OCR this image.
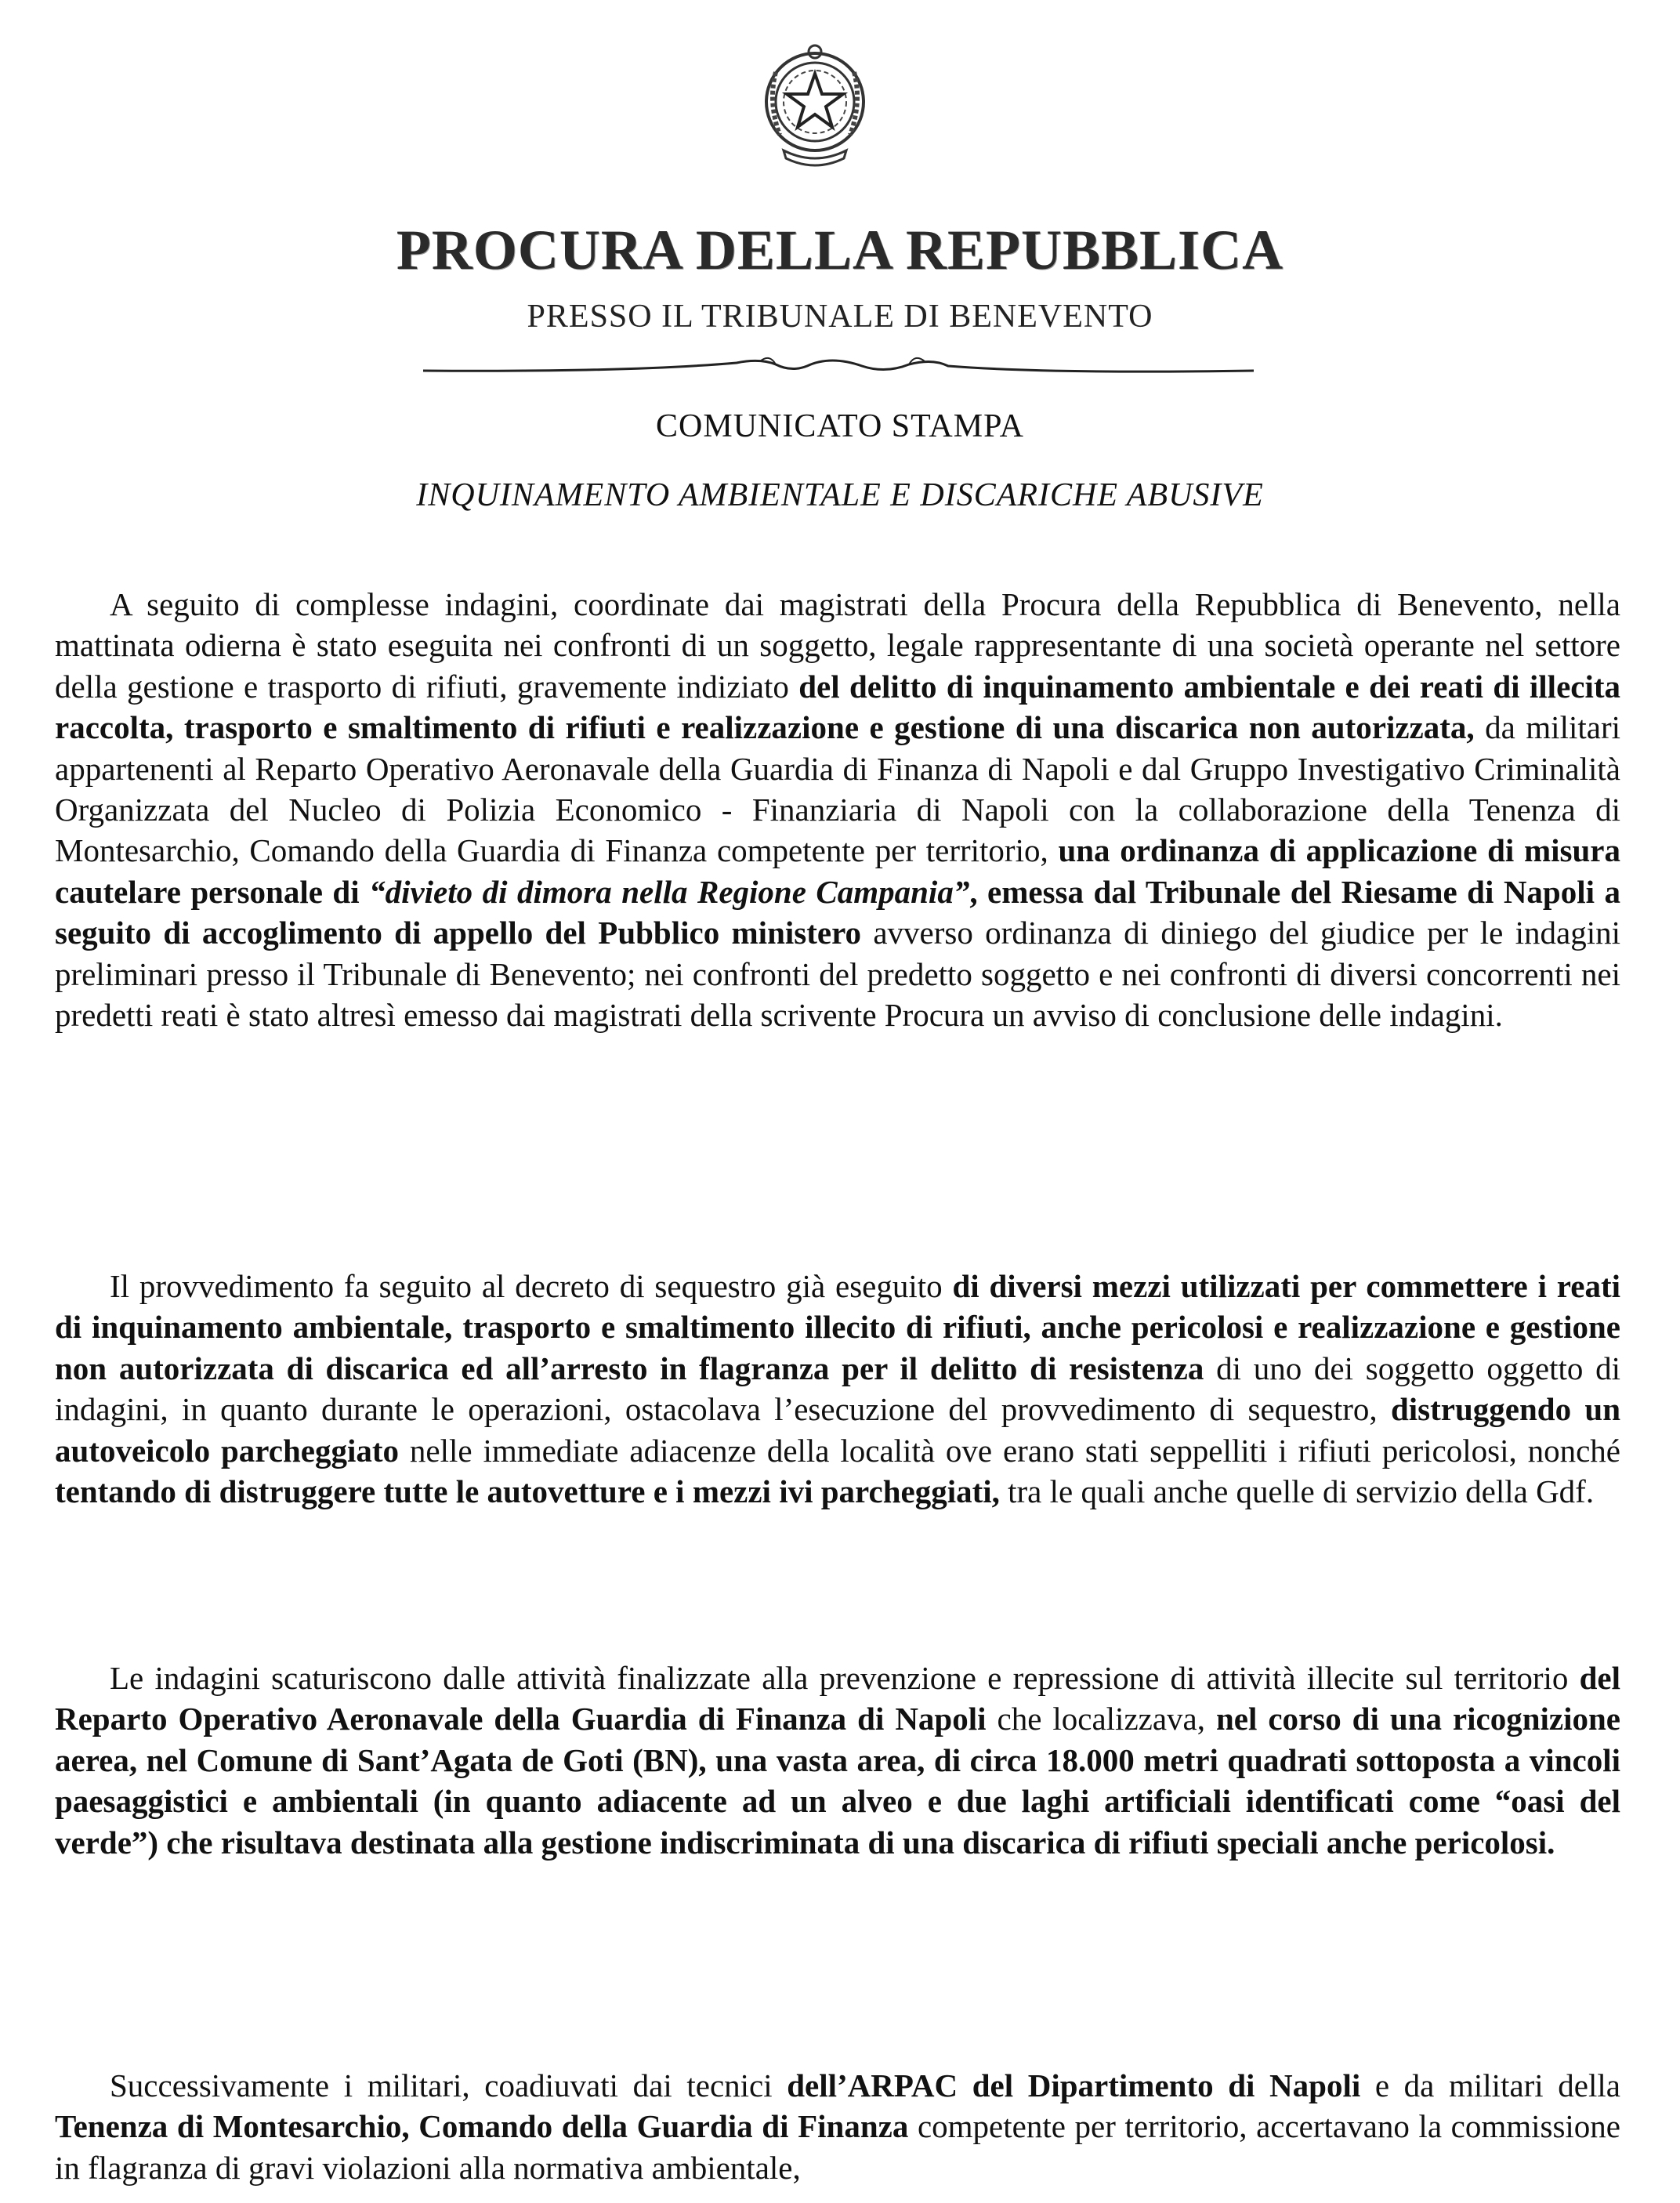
PROCURA DELLA REPUBBLICA
PRESSO IL TRIBUNALE DI BENEVENTO
COMUNICATO STAMPA
INQUINAMENTO AMBIENTALE E DISCARICHE ABUSIVE

A seguito di complesse indagini, coordinate dai magistrati della Procura della Repubblica di Benevento, nella mattinata odierna è stato eseguita nei confronti di un soggetto, legale rappresentante di una società operante nel settore della gestione e trasporto di rifiuti, gravemente indiziato del delitto di inquinamento ambientale e dei reati di illecita raccolta, trasporto e smaltimento di rifiuti e realizzazione e gestione di una discarica non autorizzata, da militari appartenenti al Reparto Operativo Aeronavale della Guardia di Finanza di Napoli e dal Gruppo Investigativo Criminalità Organizzata del Nucleo di Polizia Economico - Finanziaria di Napoli con la collaborazione della Tenenza di Montesarchio, Comando della Guardia di Finanza competente per territorio, una ordinanza di applicazione di misura cautelare personale di “divieto di dimora nella Regione Campania”, emessa dal Tribunale del Riesame di Napoli a seguito di accoglimento di appello del Pubblico ministero avverso ordinanza di diniego del giudice per le indagini preliminari presso il Tribunale di Benevento; nei confronti del predetto soggetto e nei confronti di diversi concorrenti nei predetti reati è stato altresì emesso dai magistrati della scrivente Procura un avviso di conclusione delle indagini.

Il provvedimento fa seguito al decreto di sequestro già eseguito di diversi mezzi utilizzati per commettere i reati di inquinamento ambientale, trasporto e smaltimento illecito di rifiuti, anche pericolosi e realizzazione e gestione non autorizzata di discarica ed all’arresto in flagranza per il delitto di resistenza di uno dei soggetto oggetto di indagini, in quanto durante le operazioni, ostacolava l’esecuzione del provvedimento di sequestro, distruggendo un autoveicolo parcheggiato nelle immediate adiacenze della località ove erano stati seppelliti i rifiuti pericolosi, nonché tentando di distruggere tutte le autovetture e i mezzi ivi parcheggiati, tra le quali anche quelle di servizio della Gdf.

Le indagini scaturiscono dalle attività finalizzate alla prevenzione e repressione di attività illecite sul territorio del Reparto Operativo Aeronavale della Guardia di Finanza di Napoli che localizzava, nel corso di una ricognizione aerea, nel Comune di Sant’Agata de Goti (BN), una vasta area, di circa 18.000 metri quadrati sottoposta a vincoli paesaggistici e ambientali (in quanto adiacente ad un alveo e due laghi artificiali identificati come “oasi del verde”) che risultava destinata alla gestione indiscriminata di una discarica di rifiuti speciali anche pericolosi.

Successivamente i militari, coadiuvati dai tecnici dell’ARPAC del Dipartimento di Napoli e da militari della Tenenza di Montesarchio, Comando della Guardia di Finanza competente per territorio, accertavano la commissione in flagranza di gravi violazioni alla normativa ambientale,
